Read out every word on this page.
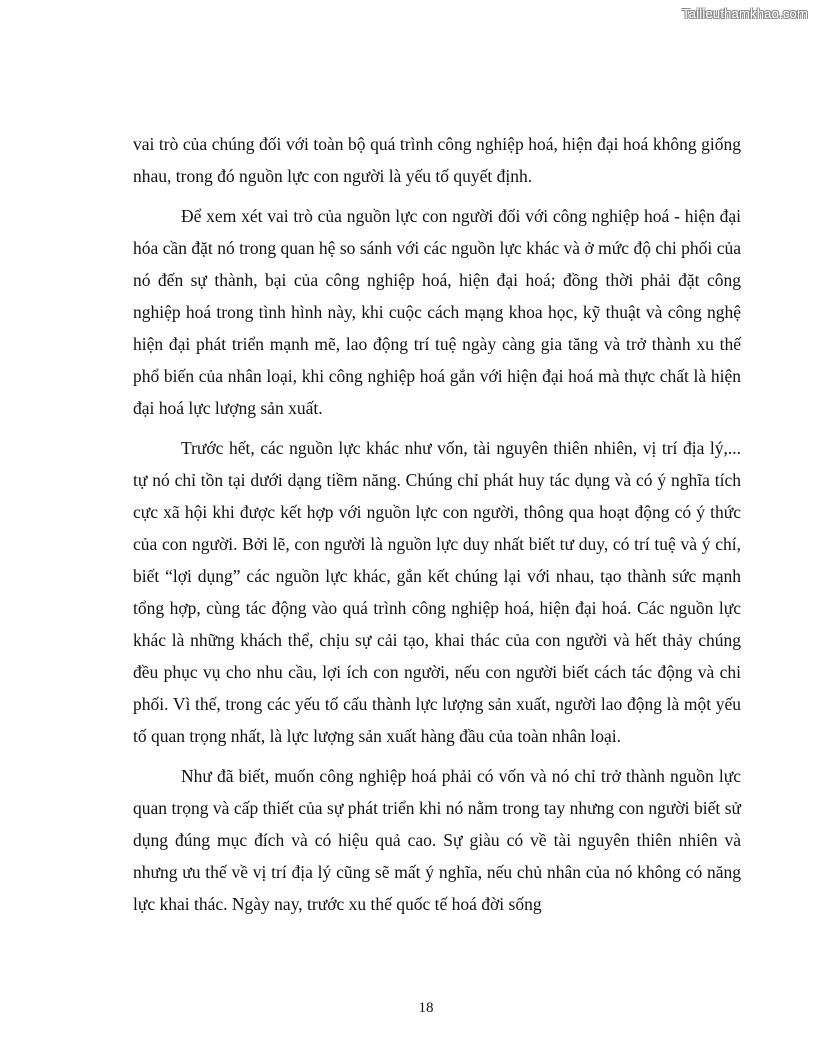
Tailieuthamkhao.com

vai trò của chúng đối với toàn bộ quá trình công nghiệp hoá, hiện đại hoá không giống nhau, trong đó nguồn lực con người là yếu tố quyết định.

Để xem xét vai trò của nguồn lực con người đối với công nghiệp hoá - hiện đại hóa cần đặt nó trong quan hệ so sánh với các nguồn lực khác và ở mức độ chi phối của nó đến sự thành, bại của công nghiệp hoá, hiện đại hoá; đồng thời phải đặt công nghiệp hoá trong tình hình này, khi cuộc cách mạng khoa học, kỹ thuật và công nghệ hiện đại phát triển mạnh mẽ, lao động trí tuệ ngày càng gia tăng và trở thành xu thế phổ biến của nhân loại, khi công nghiệp hoá gắn với hiện đại hoá mà thực chất là hiện đại hoá lực lượng sản xuất.

Trước hết, các nguồn lực khác như vốn, tài nguyên thiên nhiên, vị trí địa lý,... tự nó chỉ tồn tại dưới dạng tiềm năng. Chúng chỉ phát huy tác dụng và có ý nghĩa tích cực xã hội khi được kết hợp với nguồn lực con người, thông qua hoạt động có ý thức của con người. Bởi lẽ, con người là nguồn lực duy nhất biết tư duy, có trí tuệ và ý chí, biết “lợi dụng” các nguồn lực khác, gắn kết chúng lại với nhau, tạo thành sức mạnh tổng hợp, cùng tác động vào quá trình công nghiệp hoá, hiện đại hoá. Các nguồn lực khác là những khách thể, chịu sự cải tạo, khai thác của con người và hết thảy chúng đều phục vụ cho nhu cầu, lợi ích con người, nếu con người biết cách tác động và chi phối. Vì thế, trong các yếu tố cấu thành lực lượng sản xuất, người lao động là một yếu tố quan trọng nhất, là lực lượng sản xuất hàng đầu của toàn nhân loại.

Như đã biết, muốn công nghiệp hoá phải có vốn và nó chỉ trở thành nguồn lực quan trọng và cấp thiết của sự phát triển khi nó nằm trong tay nhưng con người biết sử dụng đúng mục đích và có hiệu quả cao. Sự giàu có về tài nguyên thiên nhiên và nhưng ưu thế về vị trí địa lý cũng sẽ mất ý nghĩa, nếu chủ nhân của nó không có năng lực khai thác. Ngày nay, trước xu thế quốc tế hoá đời sống

18
